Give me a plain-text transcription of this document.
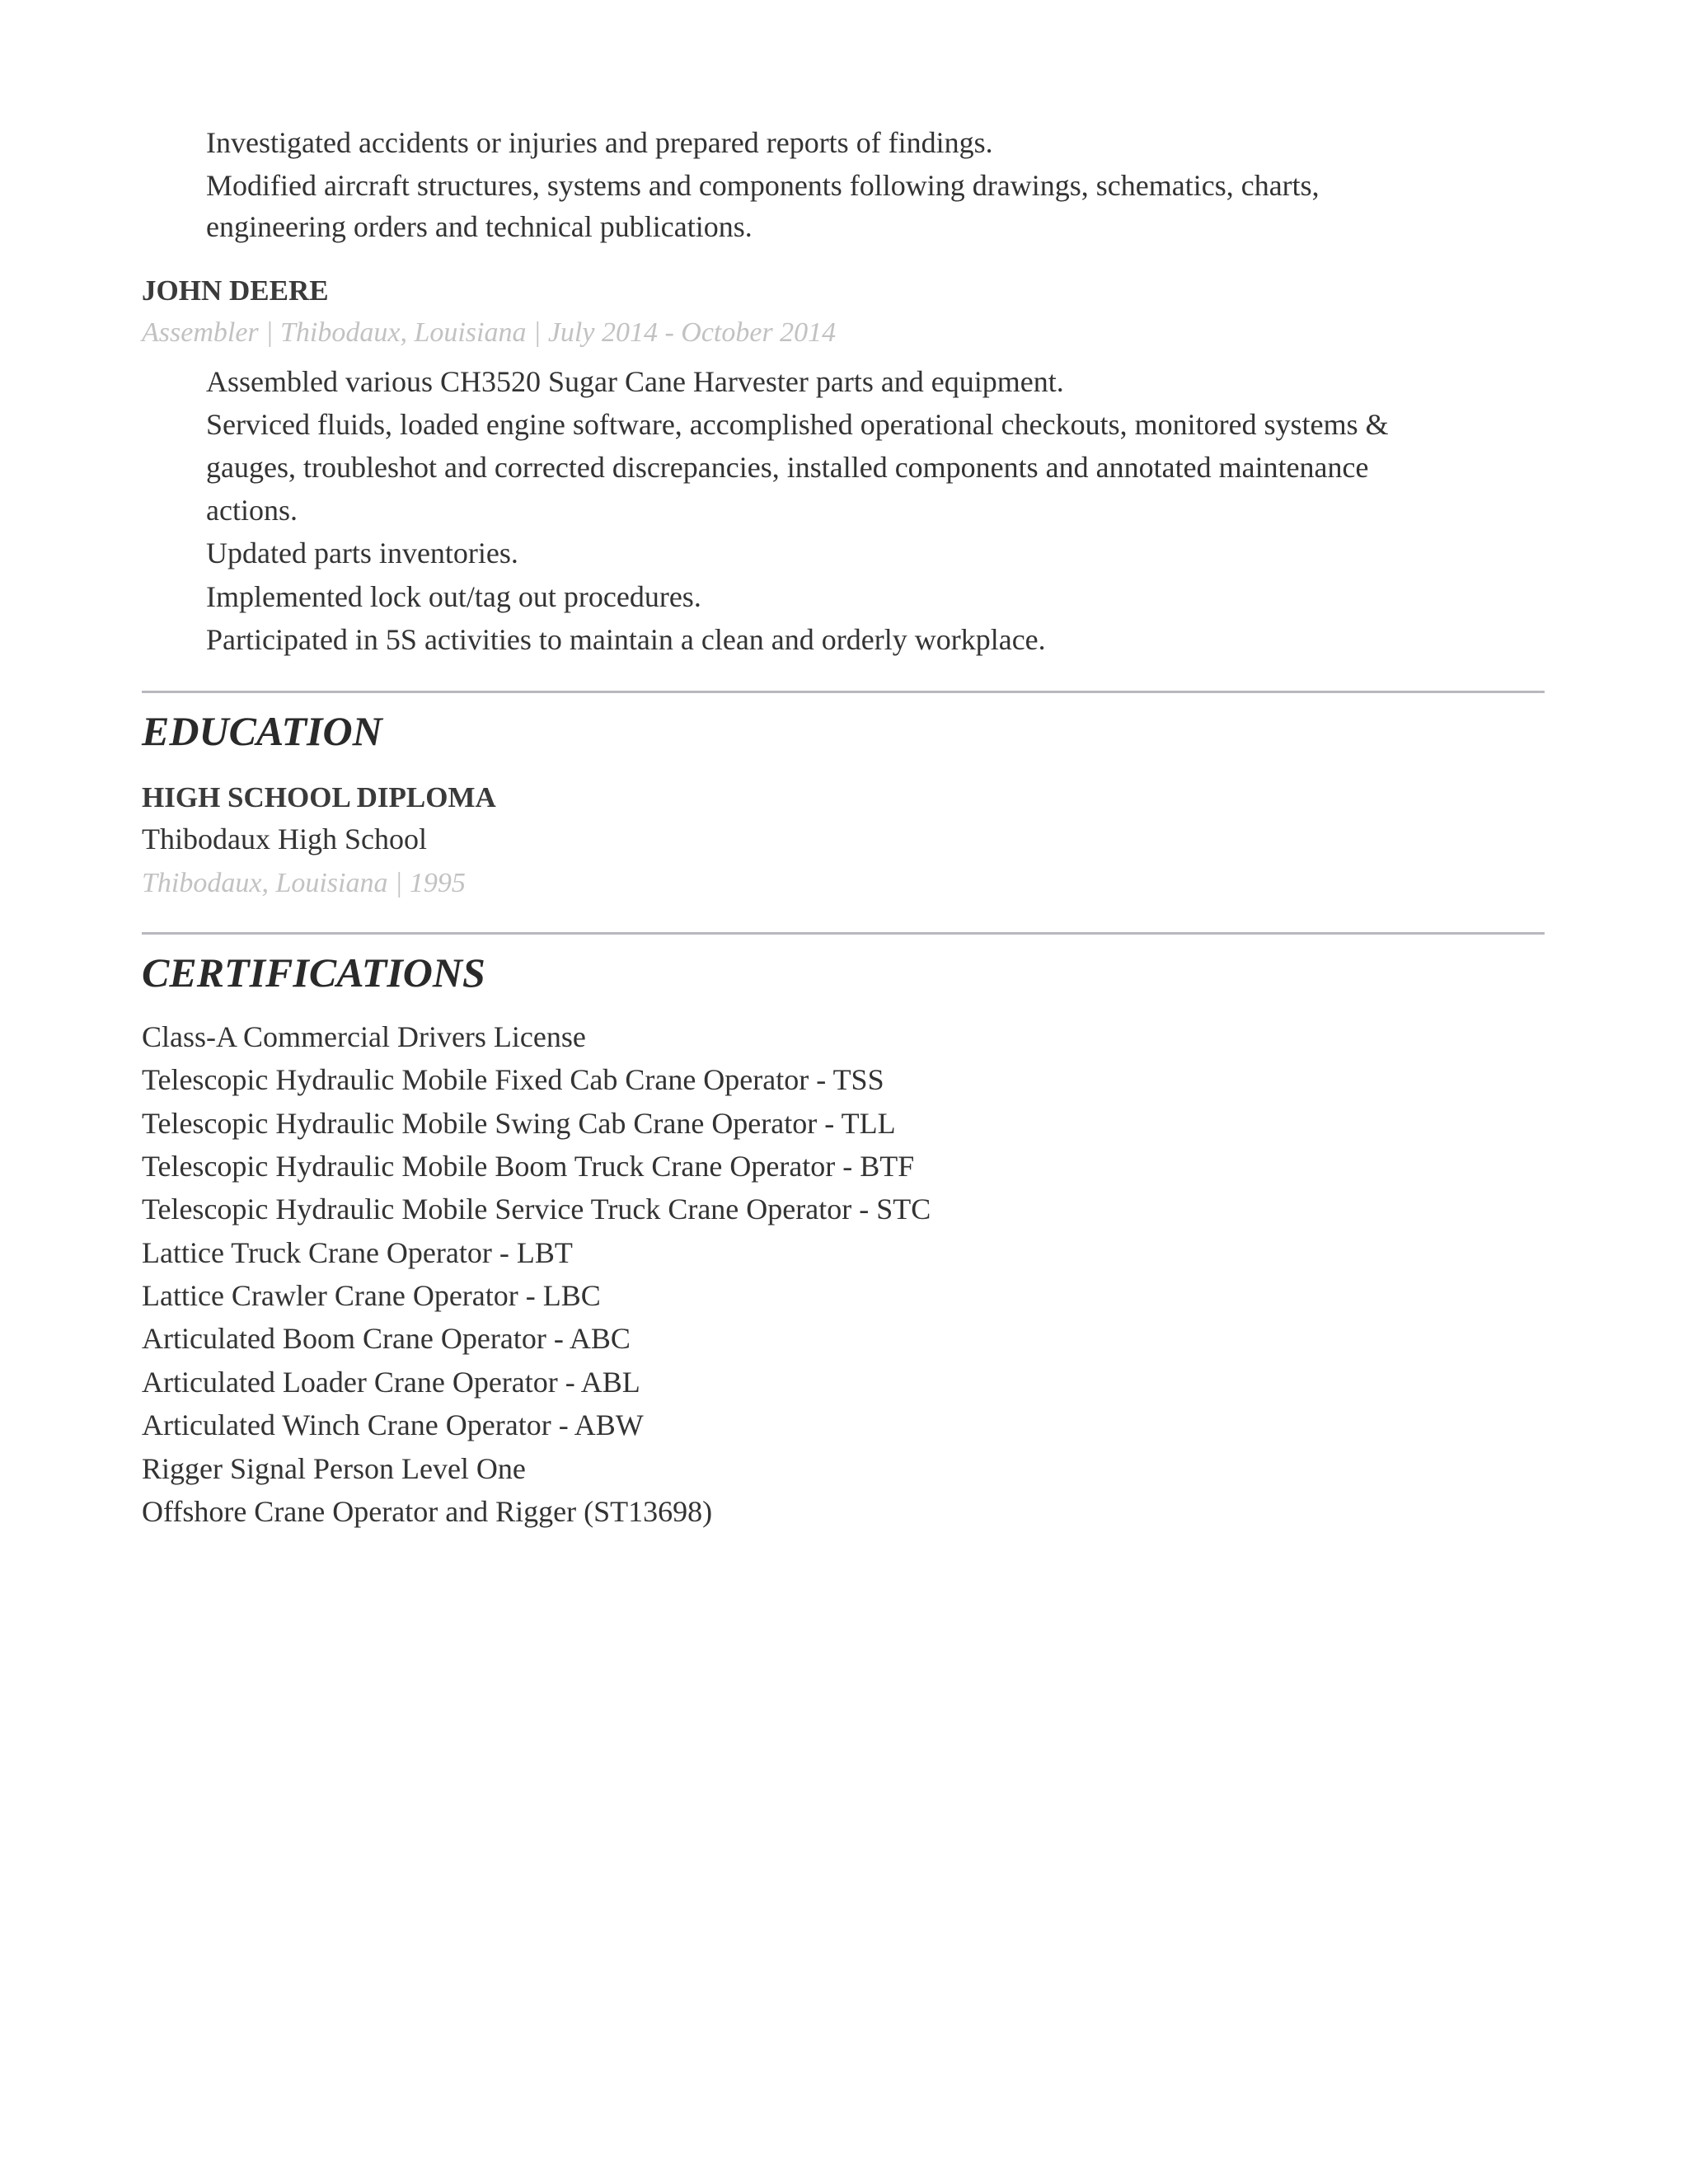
Investigated accidents or injuries and prepared reports of findings.
Modified aircraft structures, systems and components following drawings, schematics, charts,
engineering orders and technical publications.
JOHN DEERE
Assembler | Thibodaux, Louisiana | July 2014 - October 2014
Assembled various CH3520 Sugar Cane Harvester parts and equipment.
Serviced fluids, loaded engine software, accomplished operational checkouts, monitored systems &
gauges, troubleshot and corrected discrepancies, installed components and annotated maintenance
actions.
Updated parts inventories.
Implemented lock out/tag out procedures.
Participated in 5S activities to maintain a clean and orderly workplace.
EDUCATION
HIGH SCHOOL DIPLOMA
Thibodaux High School
Thibodaux, Louisiana | 1995
CERTIFICATIONS
Class-A Commercial Drivers License
Telescopic Hydraulic Mobile Fixed Cab Crane Operator - TSS
Telescopic Hydraulic Mobile Swing Cab Crane Operator - TLL
Telescopic Hydraulic Mobile Boom Truck Crane Operator - BTF
Telescopic Hydraulic Mobile Service Truck Crane Operator - STC
Lattice Truck Crane Operator - LBT
Lattice Crawler Crane Operator - LBC
Articulated Boom Crane Operator - ABC
Articulated Loader Crane Operator - ABL
Articulated Winch Crane Operator - ABW
Rigger Signal Person Level One
Offshore Crane Operator and Rigger (ST13698)
